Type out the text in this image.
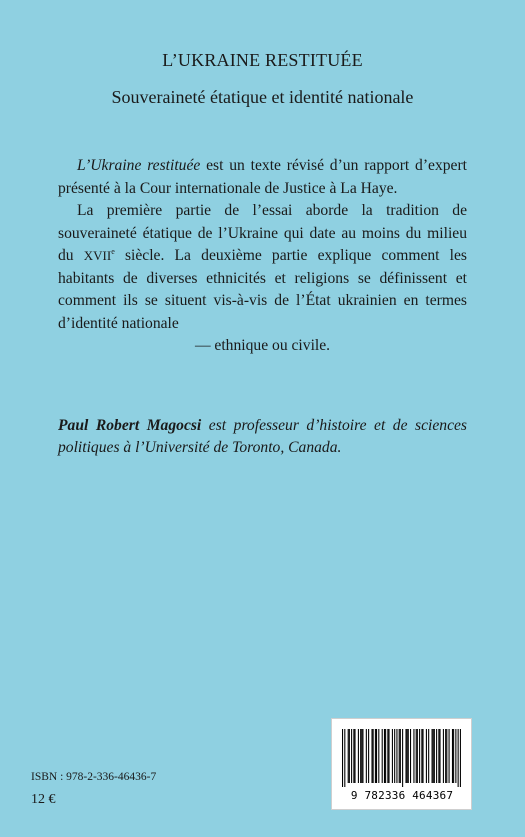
L’UKRAINE RESTITUÉE
Souveraineté étatique et identité nationale

L’Ukraine restituée est un texte révisé d’un rapport d’expert présenté à la Cour internationale de Justice à La Haye.

La première partie de l’essai aborde la tradition de souveraineté étatique de l’Ukraine qui date au moins du milieu du XVIIe siècle. La deuxième partie explique comment les habitants de diverses ethnicités et religions se définissent et comment ils se situent vis-à-vis de l’État ukrainien en termes d’identité nationale
— ethnique ou civile.

Paul Robert Magocsi est professeur d’histoire et de sciences politiques à l’Université de Toronto, Canada.
ISBN : 978-2-336-46436-7
12 €	9 782336 464367
